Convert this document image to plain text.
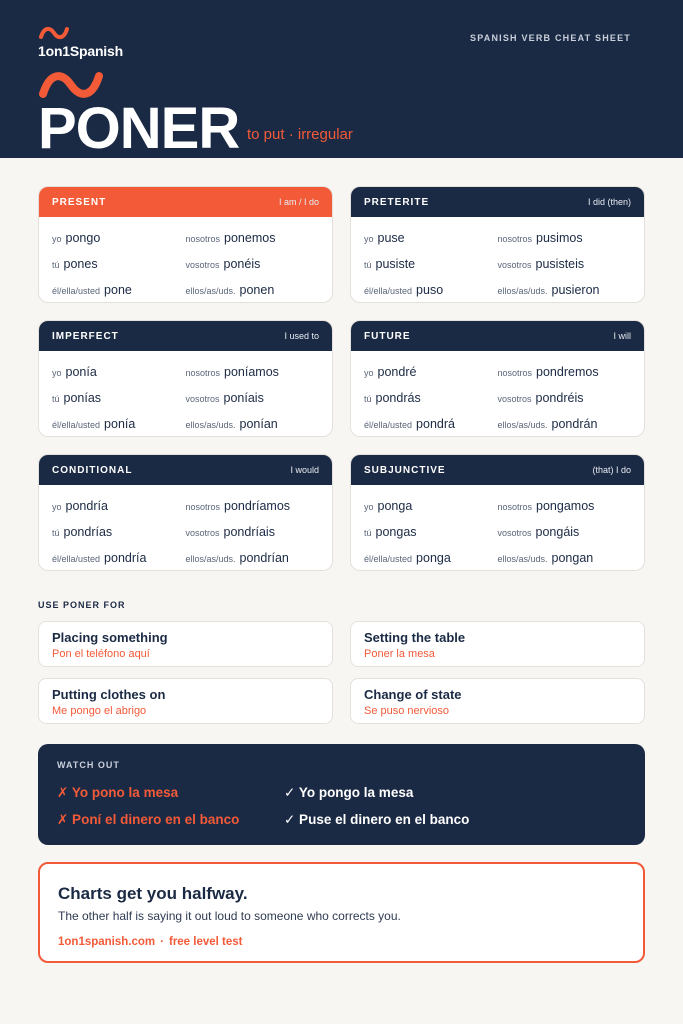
1on1Spanish
SPANISH VERB CHEAT SHEET
PONER to put · irregular
PRESENT	I am / I do
yo pongo	nosotros ponemos
tú pones	vosotros ponéis
él/ella/usted pone	ellos/as/uds. ponen
PRETERITE	I did (then)
yo puse	nosotros pusimos
tú pusiste	vosotros pusisteis
él/ella/usted puso	ellos/as/uds. pusieron
IMPERFECT	I used to
yo ponía	nosotros poníamos
tú ponías	vosotros poníais
él/ella/usted ponía	ellos/as/uds. ponían
FUTURE	I will
yo pondré	nosotros pondremos
tú pondrás	vosotros pondréis
él/ella/usted pondrá	ellos/as/uds. pondrán
CONDITIONAL	I would
yo pondría	nosotros pondríamos
tú pondrías	vosotros pondríais
él/ella/usted pondría	ellos/as/uds. pondrían
SUBJUNCTIVE	(that) I do
yo ponga	nosotros pongamos
tú pongas	vosotros pongáis
él/ella/usted ponga	ellos/as/uds. pongan
USE PONER FOR
Placing something
Pon el teléfono aquí
Setting the table
Poner la mesa
Putting clothes on
Me pongo el abrigo
Change of state
Se puso nervioso
WATCH OUT
✗ Yo pono la mesa	✓ Yo pongo la mesa
✗ Poní el dinero en el banco	✓ Puse el dinero en el banco
Charts get you halfway.
The other half is saying it out loud to someone who corrects you.
1on1spanish.com · free level test
